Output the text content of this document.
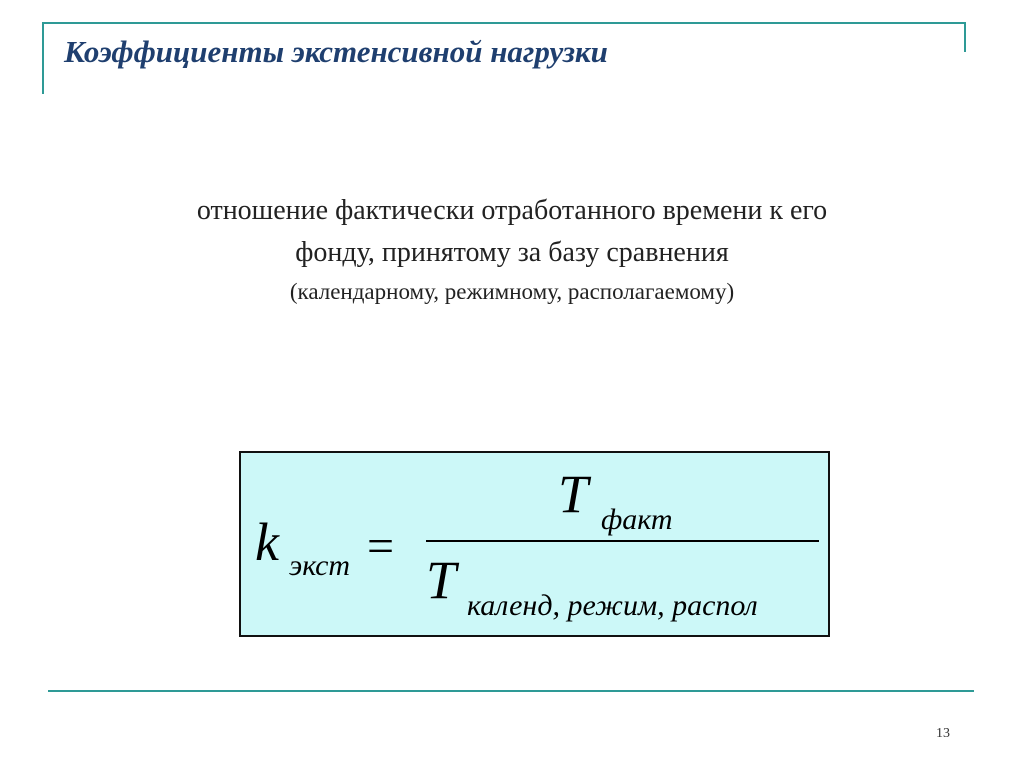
Коэффициенты экстенсивной нагрузки
отношение фактически отработанного времени к его
фонду, принятому за базу сравнения
(календарному, режимному, располагаемому)
k экст =
T факт
T календ, режим, распол
13
